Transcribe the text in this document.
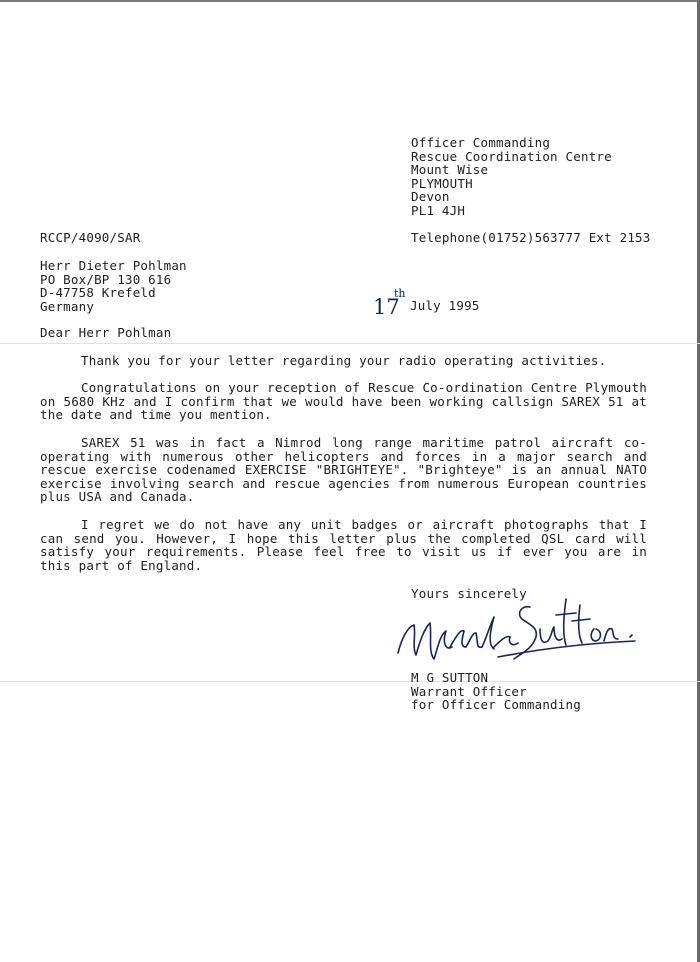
Officer Commanding
Rescue Coordination Centre
Mount Wise
PLYMOUTH
Devon
PL1 4JH
RCCP/4090/SAR	Telephone(01752)563777 Ext 2153
Herr Dieter Pohlman
PO Box/BP 130 616
D-47758 Krefeld
Germany	17
th
July 1995
Dear Herr Pohlman
Thank you for your letter regarding your radio operating activities.
Congratulations on your reception of Rescue Co-ordination Centre Plymouth on 5680 KHz and I confirm that we would have been working callsign SAREX 51 at the date and time you mention.
SAREX 51 was in fact a Nimrod long range maritime patrol aircraft co-operating with numerous other helicopters and forces in a major search and rescue exercise codenamed EXERCISE "BRIGHTEYE". "Brighteye" is an annual NATO exercise involving search and rescue agencies from numerous European countries plus USA and Canada.
I regret we do not have any unit badges or aircraft photographs that I can send you. However, I hope this letter plus the completed QSL card will satisfy your requirements. Please feel free to visit us if ever you are in this part of England.
Yours sincerely
M G SUTTON
Warrant Officer
for Officer Commanding
